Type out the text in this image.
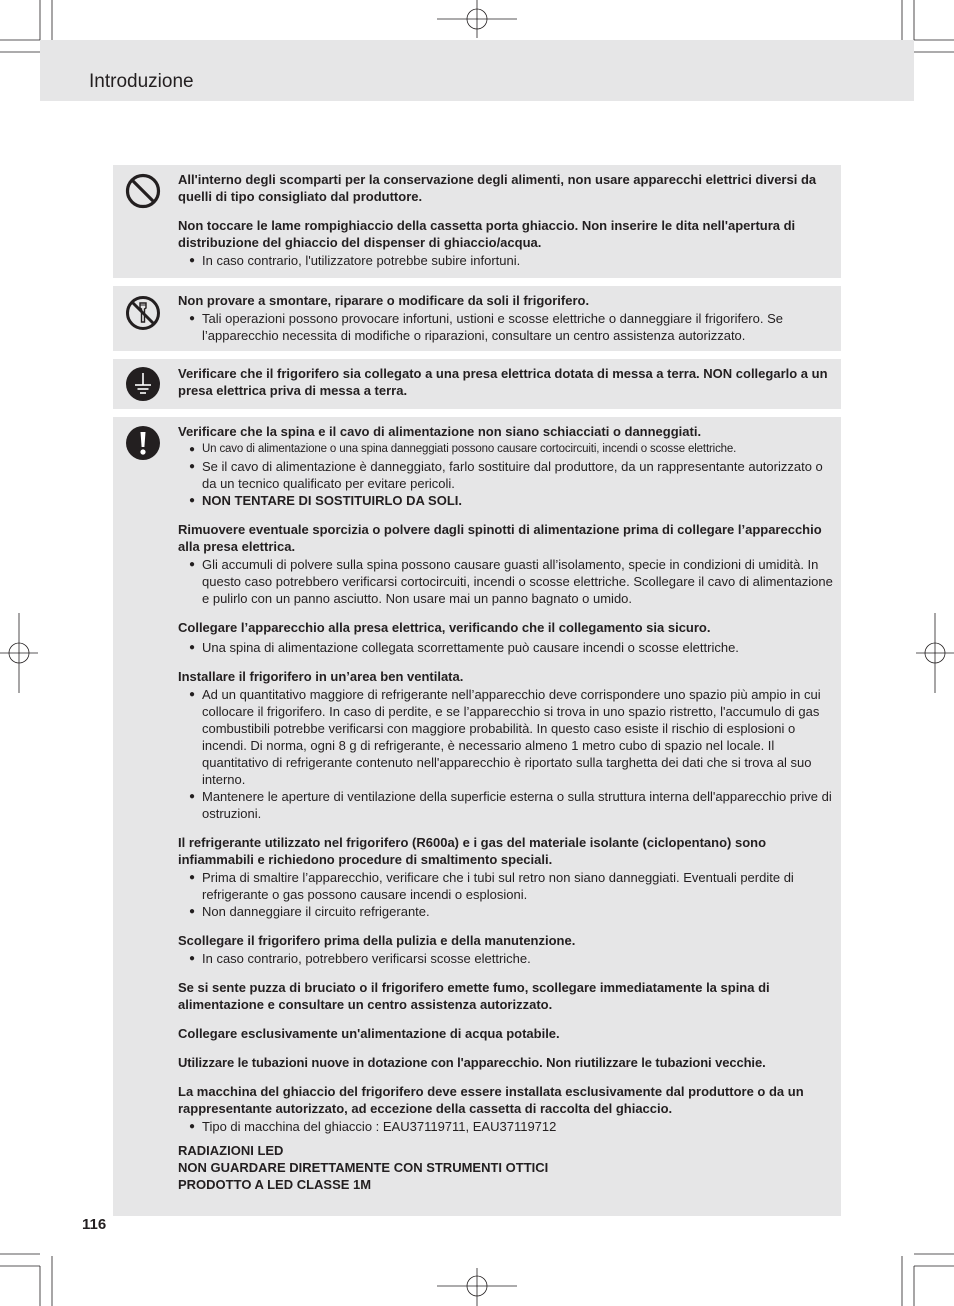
Introduzione

All'interno degli scomparti per la conservazione degli alimenti, non usare apparecchi elettrici diversi da quelli di tipo consigliato dal produttore.

Non toccare le lame rompighiaccio della cassetta porta ghiaccio. Non inserire le dita nell'apertura di distribuzione del ghiaccio del dispenser di ghiaccio/acqua.

● In caso contrario, l'utilizzatore potrebbe subire infortuni.

Non provare a smontare, riparare o modificare da soli il frigorifero.

● Tali operazioni possono provocare infortuni, ustioni e scosse elettriche o danneggiare il frigorifero. Se l’apparecchio necessita di modifiche o riparazioni, consultare un centro assistenza autorizzato.

Verificare che il frigorifero sia collegato a una presa elettrica dotata di messa a terra. NON collegarlo a un presa elettrica priva di messa a terra.

Verificare che la spina e il cavo di alimentazione non siano schiacciati o danneggiati.

● Un cavo di alimentazione o una spina danneggiati possono causare cortocircuiti, incendi o scosse elettriche.
● Se il cavo di alimentazione è danneggiato, farlo sostituire dal produttore, da un rappresentante autorizzato o da un tecnico qualificato per evitare pericoli.
● NON TENTARE DI SOSTITUIRLO DA SOLI.

Rimuovere eventuale sporcizia o polvere dagli spinotti di alimentazione prima di collegare l’apparecchio alla presa elettrica.

● Gli accumuli di polvere sulla spina possono causare guasti all’isolamento, specie in condizioni di umidità. In questo caso potrebbero verificarsi cortocircuiti, incendi o scosse elettriche. Scollegare il cavo di alimentazione e pulirlo con un panno asciutto. Non usare mai un panno bagnato o umido.

Collegare l’apparecchio alla presa elettrica, verificando che il collegamento sia sicuro.

● Una spina di alimentazione collegata scorrettamente può causare incendi o scosse elettriche.

Installare il frigorifero in un’area ben ventilata.

● Ad un quantitativo maggiore di refrigerante nell’apparecchio deve corrispondere uno spazio più ampio in cui collocare il frigorifero. In caso di perdite, e se l’apparecchio si trova in uno spazio ristretto, l'accumulo di gas combustibili potrebbe verificarsi con maggiore probabilità. In questo caso esiste il rischio di esplosioni o incendi. Di norma, ogni 8 g di refrigerante, è necessario almeno 1 metro cubo di spazio nel locale. Il quantitativo di refrigerante contenuto nell'apparecchio è riportato sulla targhetta dei dati che si trova al suo interno.
● Mantenere le aperture di ventilazione della superficie esterna o sulla struttura interna dell'apparecchio prive di ostruzioni.

Il refrigerante utilizzato nel frigorifero (R600a) e i gas del materiale isolante (ciclopentano) sono infiammabili e richiedono procedure di smaltimento speciali.

● Prima di smaltire l’apparecchio, verificare che i tubi sul retro non siano danneggiati. Eventuali perdite di refrigerante o gas possono causare incendi o esplosioni.
● Non danneggiare il circuito refrigerante.

Scollegare il frigorifero prima della pulizia e della manutenzione.

● In caso contrario, potrebbero verificarsi scosse elettriche.

Se si sente puzza di bruciato o il frigorifero emette fumo, scollegare immediatamente la spina di alimentazione e consultare un centro assistenza autorizzato.

Collegare esclusivamente un'alimentazione di acqua potabile.

Utilizzare le tubazioni nuove in dotazione con l'apparecchio. Non riutilizzare le tubazioni vecchie.

La macchina del ghiaccio del frigorifero deve essere installata esclusivamente dal produttore o da un rappresentante autorizzato, ad eccezione della cassetta di raccolta del ghiaccio.

● Tipo di macchina del ghiaccio : EAU37119711, EAU37119712

RADIAZIONI LED

NON GUARDARE DIRETTAMENTE CON STRUMENTI OTTICI

PRODOTTO A LED CLASSE 1M

116
